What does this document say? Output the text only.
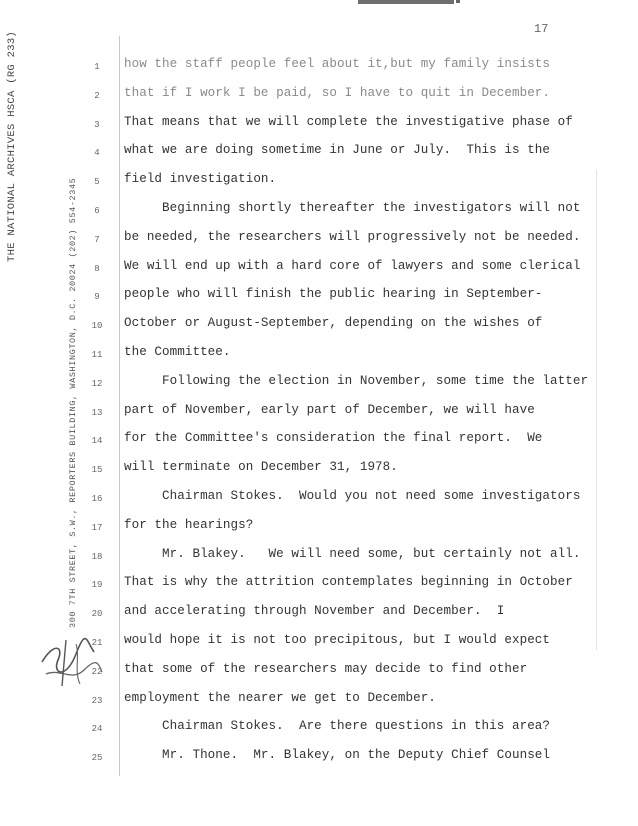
17
THE NATIONAL ARCHIVES HSCA (RG 233)
300 7TH STREET, S.W., REPORTERS BUILDING, WASHINGTON, D.C. 20024 (202) 554-2345
1
2
3
4
5
6
7
8
9
10
11
12
13
14
15
16
17
18
19
20
21
22
23
24
25
how the staff people feel about it,but my family insists
that if I work I be paid, so I have to quit in December.
That means that we will complete the investigative phase of
what we are doing sometime in June or July.  This is the
field investigation.
Beginning shortly thereafter the investigators will not
be needed, the researchers will progressively not be needed.
We will end up with a hard core of lawyers and some clerical
people who will finish the public hearing in September-
October or August-September, depending on the wishes of
the Committee.
Following the election in November, some time the latter
part of November, early part of December, we will have
for the Committee's consideration the final report.  We
will terminate on December 31, 1978.
Chairman Stokes.  Would you not need some investigators
for the hearings?
Mr. Blakey.   We will need some, but certainly not all.
That is why the attrition contemplates beginning in October
and accelerating through November and December.  I
would hope it is not too precipitous, but I would expect
that some of the researchers may decide to find other
employment the nearer we get to December.
Chairman Stokes.  Are there questions in this area?
Mr. Thone.  Mr. Blakey, on the Deputy Chief Counsel
